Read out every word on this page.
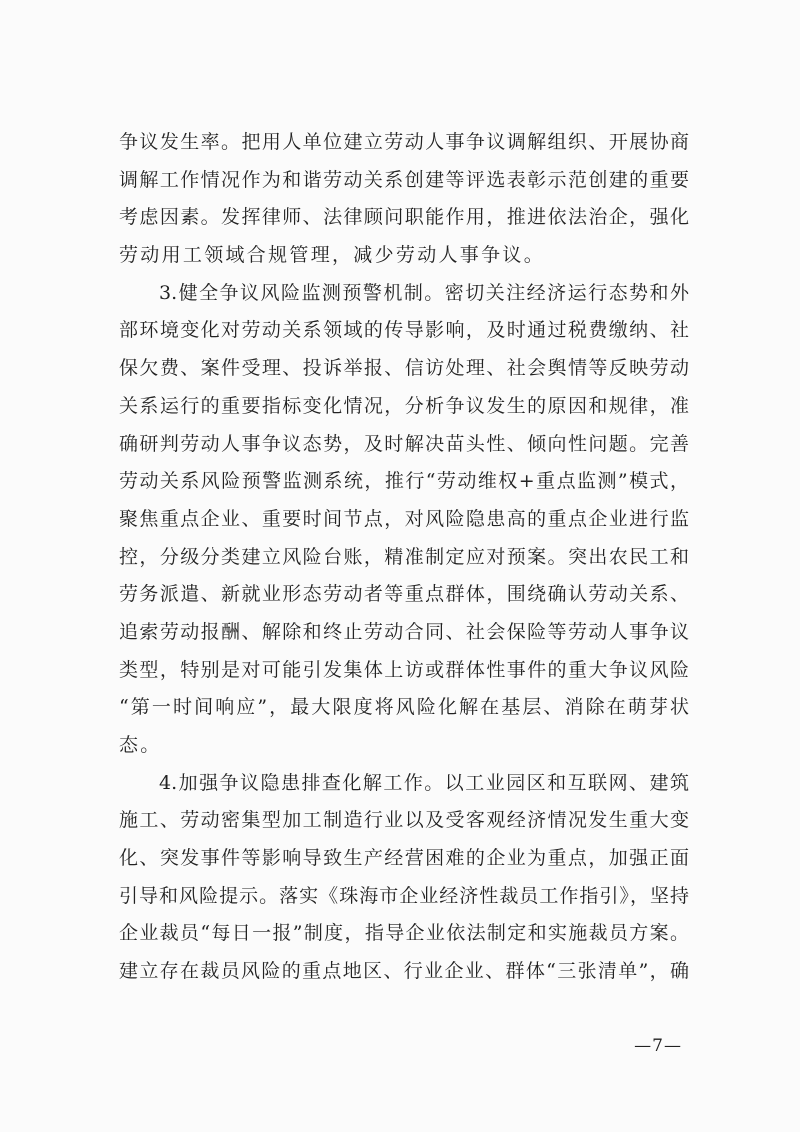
争议发生率。把用人单位建立劳动人事争议调解组织、开展协商
调解工作情况作为和谐劳动关系创建等评选表彰示范创建的重要
考虑因素。发挥律师、法律顾问职能作用，推进依法治企，强化
劳动用工领域合规管理，减少劳动人事争议。
3.健全争议风险监测预警机制。密切关注经济运行态势和外
部环境变化对劳动关系领域的传导影响，及时通过税费缴纳、社
保欠费、案件受理、投诉举报、信访处理、社会舆情等反映劳动
关系运行的重要指标变化情况，分析争议发生的原因和规律，准
确研判劳动人事争议态势，及时解决苗头性、倾向性问题。完善
劳动关系风险预警监测系统，推行“劳动维权+重点监测”模式，
聚焦重点企业、重要时间节点，对风险隐患高的重点企业进行监
控，分级分类建立风险台账，精准制定应对预案。突出农民工和
劳务派遣、新就业形态劳动者等重点群体，围绕确认劳动关系、
追索劳动报酬、解除和终止劳动合同、社会保险等劳动人事争议
类型，特别是对可能引发集体上访或群体性事件的重大争议风险
“第一时间响应”，最大限度将风险化解在基层、消除在萌芽状
态。
4.加强争议隐患排查化解工作。以工业园区和互联网、建筑
施工、劳动密集型加工制造行业以及受客观经济情况发生重大变
化、突发事件等影响导致生产经营困难的企业为重点，加强正面
引导和风险提示。落实《珠海市企业经济性裁员工作指引》，坚持
企业裁员“每日一报”制度，指导企业依法制定和实施裁员方案。
建立存在裁员风险的重点地区、行业企业、群体“三张清单”，确
—7—
